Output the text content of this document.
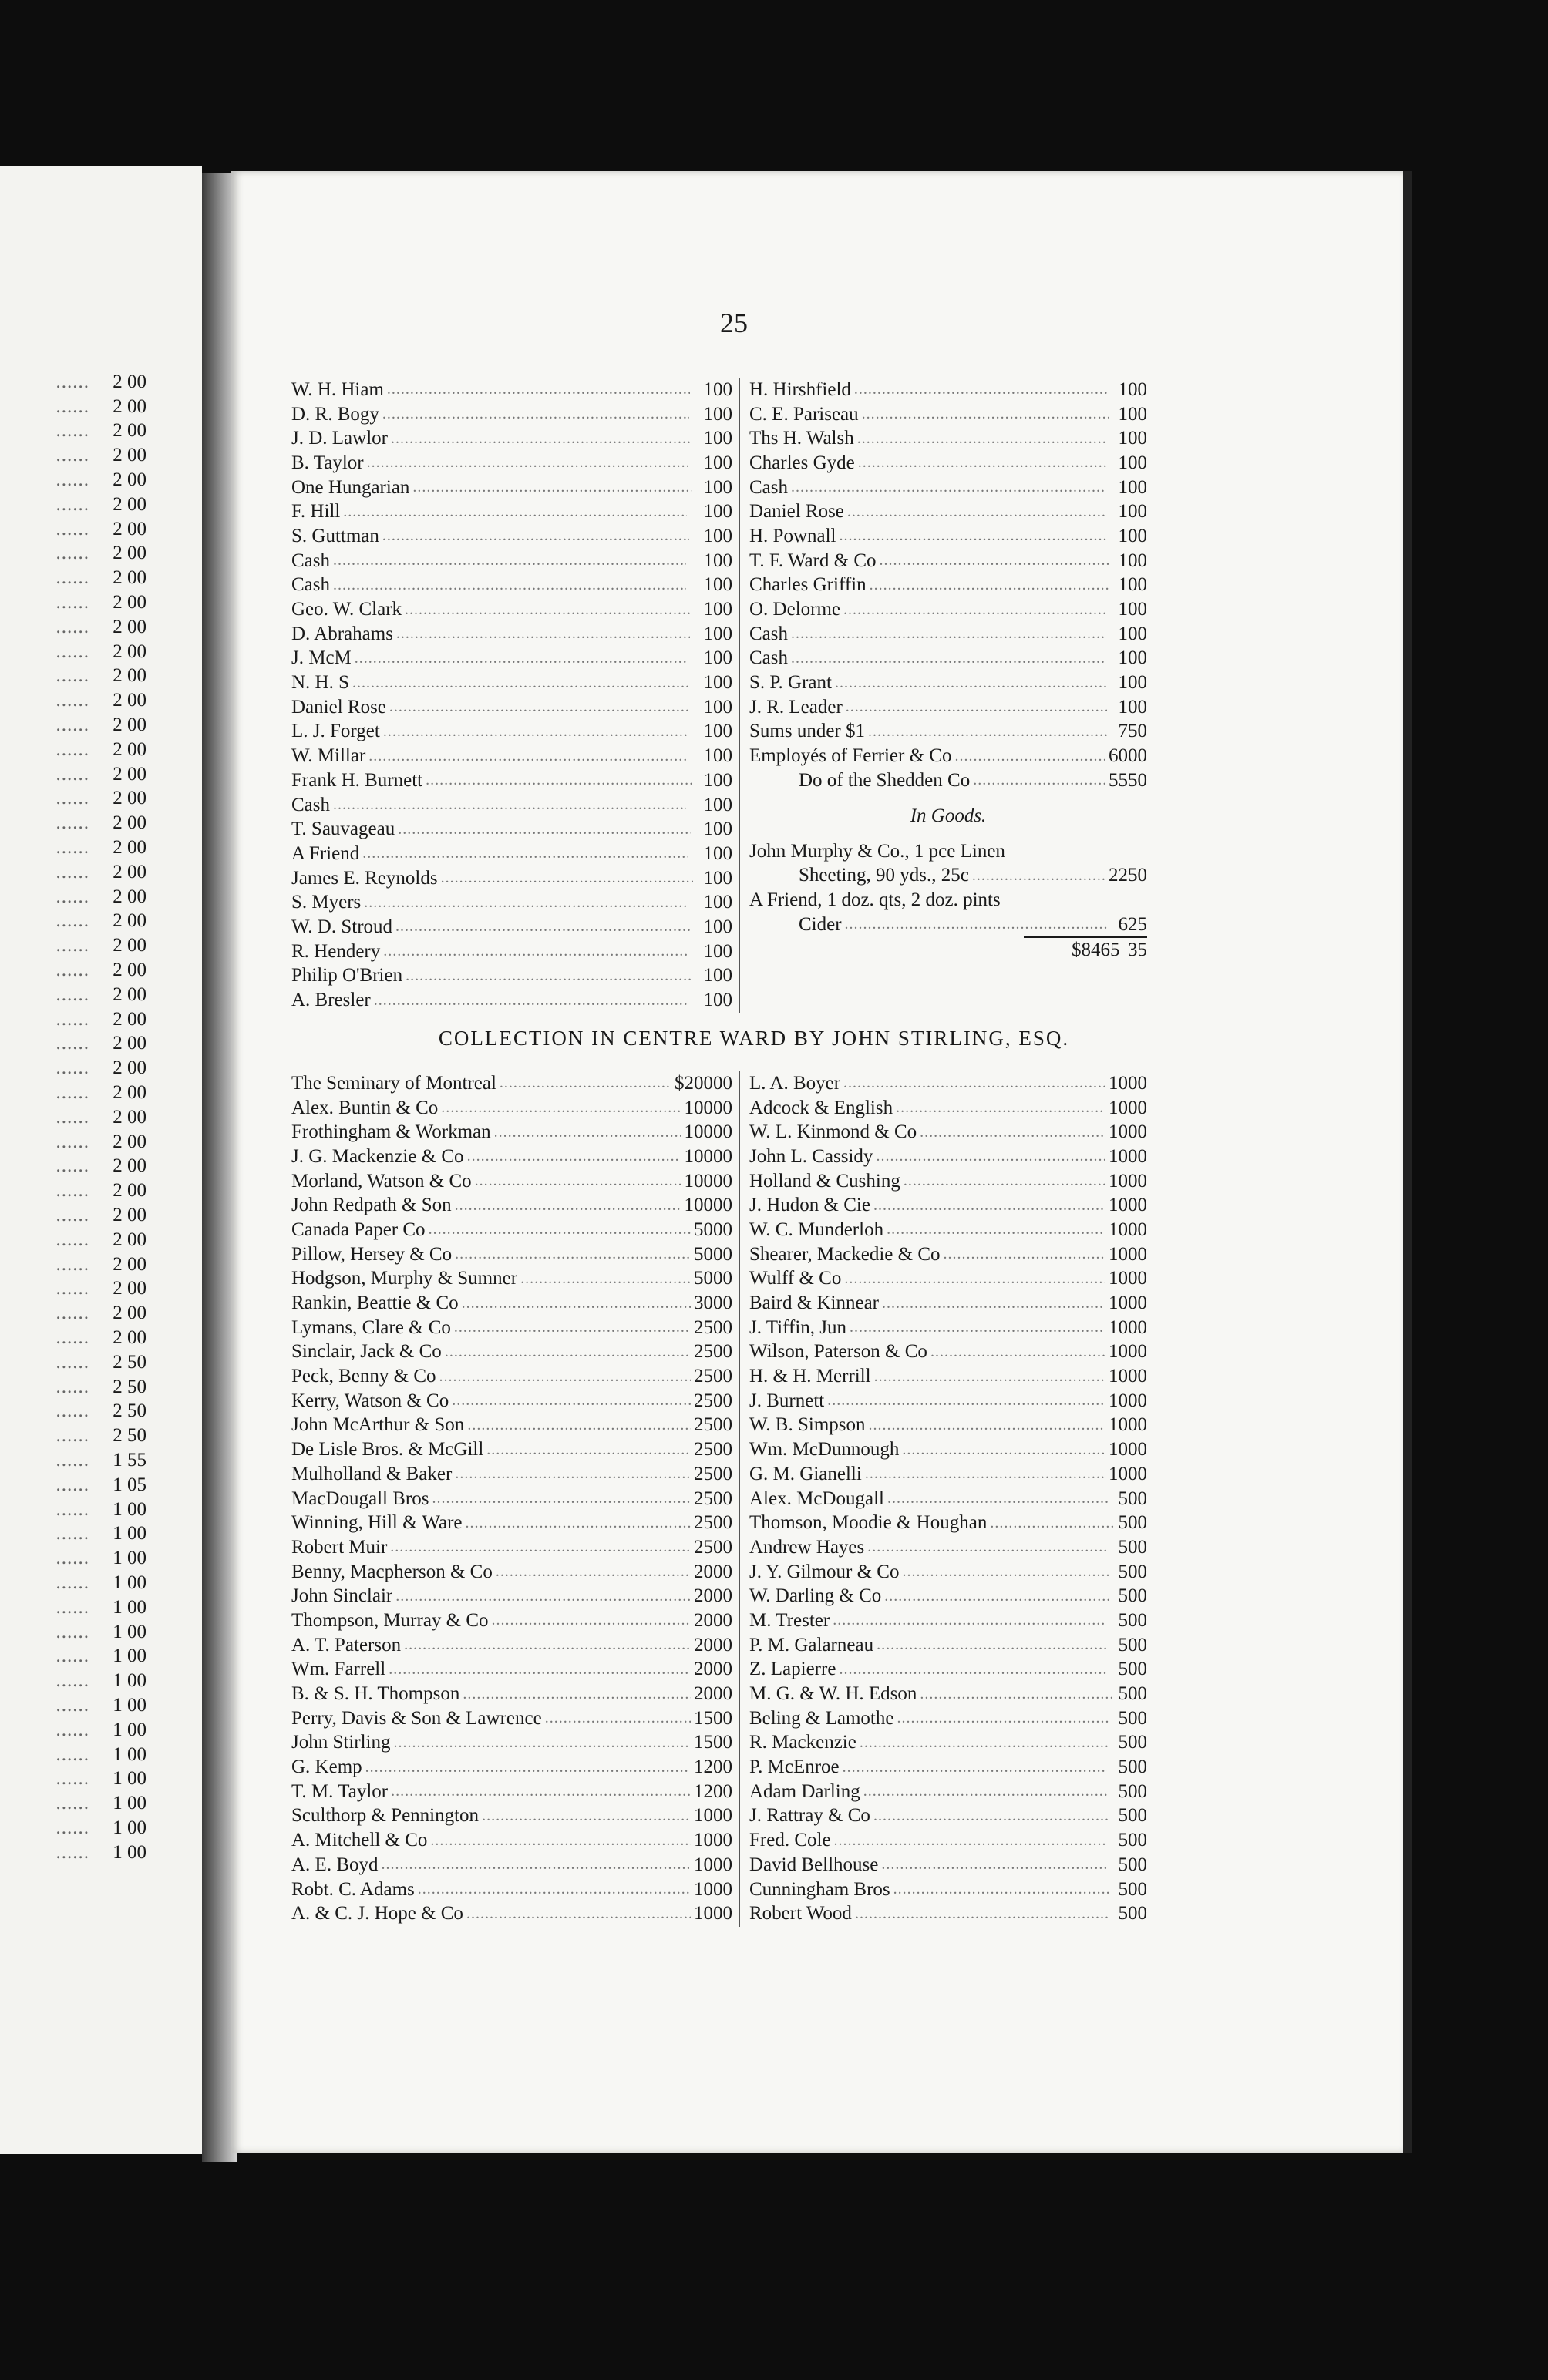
......	2 00
......	2 00
......	2 00
......	2 00
......	2 00
......	2 00
......	2 00
......	2 00
......	2 00
......	2 00
......	2 00
......	2 00
......	2 00
......	2 00
......	2 00
......	2 00
......	2 00
......	2 00
......	2 00
......	2 00
......	2 00
......	2 00
......	2 00
......	2 00
......	2 00
......	2 00
......	2 00
......	2 00
......	2 00
......	2 00
......	2 00
......	2 00
......	2 00
......	2 00
......	2 00
......	2 00
......	2 00
......	2 00
......	2 00
......	2 00
......	2 50
......	2 50
......	2 50
......	2 50
......	1 55
......	1 05
......	1 00
......	1 00
......	1 00
......	1 00
......	1 00
......	1 00
......	1 00
......	1 00
......	1 00
......	1 00
......	1 00
......	1 00
......	1 00
......	1 00
......	1 00
25
W. H. Hiam .....	1 00
D. R. Bogy .....	1 00
J. D. Lawlor .....	1 00
B. Taylor .....	1 00
One Hungarian .....	1 00
F. Hill .....	1 00
S. Guttman .....	1 00
Cash .....	1 00
Cash .....	1 00
Geo. W. Clark .....	1 00
D. Abrahams .....	1 00
J. McM .....	1 00
N. H. S .....	1 00
Daniel Rose .....	1 00
L. J. Forget .....	1 00
W. Millar .....	1 00
Frank H. Burnett .....	1 00
Cash .....	1 00
T. Sauvageau .....	1 00
A Friend .....	1 00
James E. Reynolds .....	1 00
S. Myers .....	1 00
W. D. Stroud .....	1 00
R. Hendery .....	1 00
Philip O'Brien .....	1 00
A. Bresler .....	1 00
H. Hirshfield .....	1 00
C. E. Pariseau .....	1 00
Ths H. Walsh .....	1 00
Charles Gyde .....	1 00
Cash .....	1 00
Daniel Rose .....	1 00
H. Pownall .....	1 00
T. F. Ward & Co .....	1 00
Charles Griffin .....	1 00
O. Delorme .....	1 00
Cash .....	1 00
Cash .....	1 00
S. P. Grant .....	1 00
J. R. Leader .....	1 00
Sums under $1 .....	7 50
Employés of Ferrier & Co .....	60 00
Do of the Shedden Co .....	55 50
In Goods.
John Murphy & Co., 1 pce Linen
Sheeting, 90 yds., 25c .....	22 50
A Friend, 1 doz. qts, 2 doz. pints
Cider .....	6 25
$8465 35
COLLECTION IN CENTRE WARD BY JOHN STIRLING, ESQ.
The Seminary of Montreal .....	$200 00
Alex. Buntin & Co .....	100 00
Frothingham & Workman .....	100 00
J. G. Mackenzie & Co .....	100 00
Morland, Watson & Co .....	100 00
John Redpath & Son .....	100 00
Canada Paper Co .....	50 00
Pillow, Hersey & Co .....	50 00
Hodgson, Murphy & Sumner .....	50 00
Rankin, Beattie & Co .....	30 00
Lymans, Clare & Co .....	25 00
Sinclair, Jack & Co .....	25 00
Peck, Benny & Co .....	25 00
Kerry, Watson & Co .....	25 00
John McArthur & Son .....	25 00
De Lisle Bros. & McGill .....	25 00
Mulholland & Baker .....	25 00
MacDougall Bros .....	25 00
Winning, Hill & Ware .....	25 00
Robert Muir .....	25 00
Benny, Macpherson & Co .....	20 00
John Sinclair .....	20 00
Thompson, Murray & Co .....	20 00
A. T. Paterson .....	20 00
Wm. Farrell .....	20 00
B. & S. H. Thompson .....	20 00
Perry, Davis & Son & Lawrence .....	15 00
John Stirling .....	15 00
G. Kemp .....	12 00
T. M. Taylor .....	12 00
Sculthorp & Pennington .....	10 00
A. Mitchell & Co .....	10 00
A. E. Boyd .....	10 00
Robt. C. Adams .....	10 00
A. & C. J. Hope & Co .....	10 00
L. A. Boyer .....	10 00
Adcock & English .....	10 00
W. L. Kinmond & Co .....	10 00
John L. Cassidy .....	10 00
Holland & Cushing .....	10 00
J. Hudon & Cie .....	10 00
W. C. Munderloh .....	10 00
Shearer, Mackedie & Co .....	10 00
Wulff & Co .....	10 00
Baird & Kinnear .....	10 00
J. Tiffin, Jun .....	10 00
Wilson, Paterson & Co .....	10 00
H. & H. Merrill .....	10 00
J. Burnett .....	10 00
W. B. Simpson .....	10 00
Wm. McDunnough .....	10 00
G. M. Gianelli .....	10 00
Alex. McDougall .....	5 00
Thomson, Moodie & Houghan .....	5 00
Andrew Hayes .....	5 00
J. Y. Gilmour & Co .....	5 00
W. Darling & Co .....	5 00
M. Trester .....	5 00
P. M. Galarneau .....	5 00
Z. Lapierre .....	5 00
M. G. & W. H. Edson .....	5 00
Beling & Lamothe .....	5 00
R. Mackenzie .....	5 00
P. McEnroe .....	5 00
Adam Darling .....	5 00
J. Rattray & Co .....	5 00
Fred. Cole .....	5 00
David Bellhouse .....	5 00
Cunningham Bros .....	5 00
Robert Wood .....	5 00
